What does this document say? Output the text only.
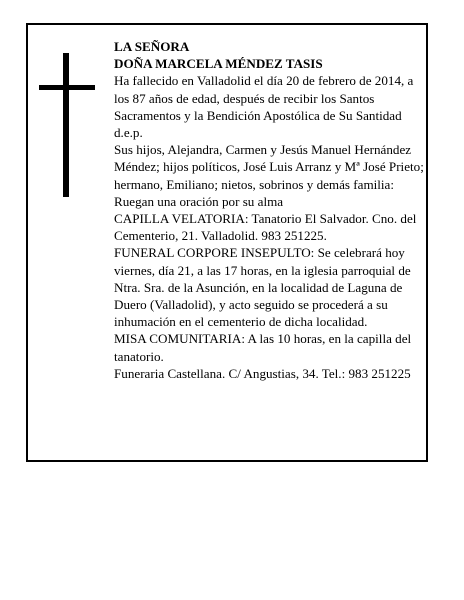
LA SEÑORA

DOÑA MARCELA MÉNDEZ TASIS

Ha fallecido en Valladolid el día 20 de febrero de 2014, a los 87 años de edad, después de recibir los Santos Sacramentos y la Bendición Apostólica de Su Santidad d.e.p.

Sus hijos, Alejandra, Carmen y Jesús Manuel Hernández Méndez; hijos políticos, José Luis Arranz y Mª José Prieto; hermano, Emiliano; nietos, sobrinos y demás familia:

Ruegan una oración por su alma

CAPILLA VELATORIA: Tanatorio El Salvador. Cno. del Cementerio, 21. Valladolid. 983 251225.

FUNERAL CORPORE INSEPULTO: Se celebrará hoy viernes, día 21, a las 17 horas, en la iglesia parroquial de Ntra. Sra. de la Asunción, en la localidad de Laguna de Duero (Valladolid), y acto seguido se procederá a su inhumación en el cementerio de dicha localidad.

MISA COMUNITARIA: A las 10 horas, en la capilla del tanatorio.

Funeraria Castellana. C/ Angustias, 34. Tel.: 983 251225
